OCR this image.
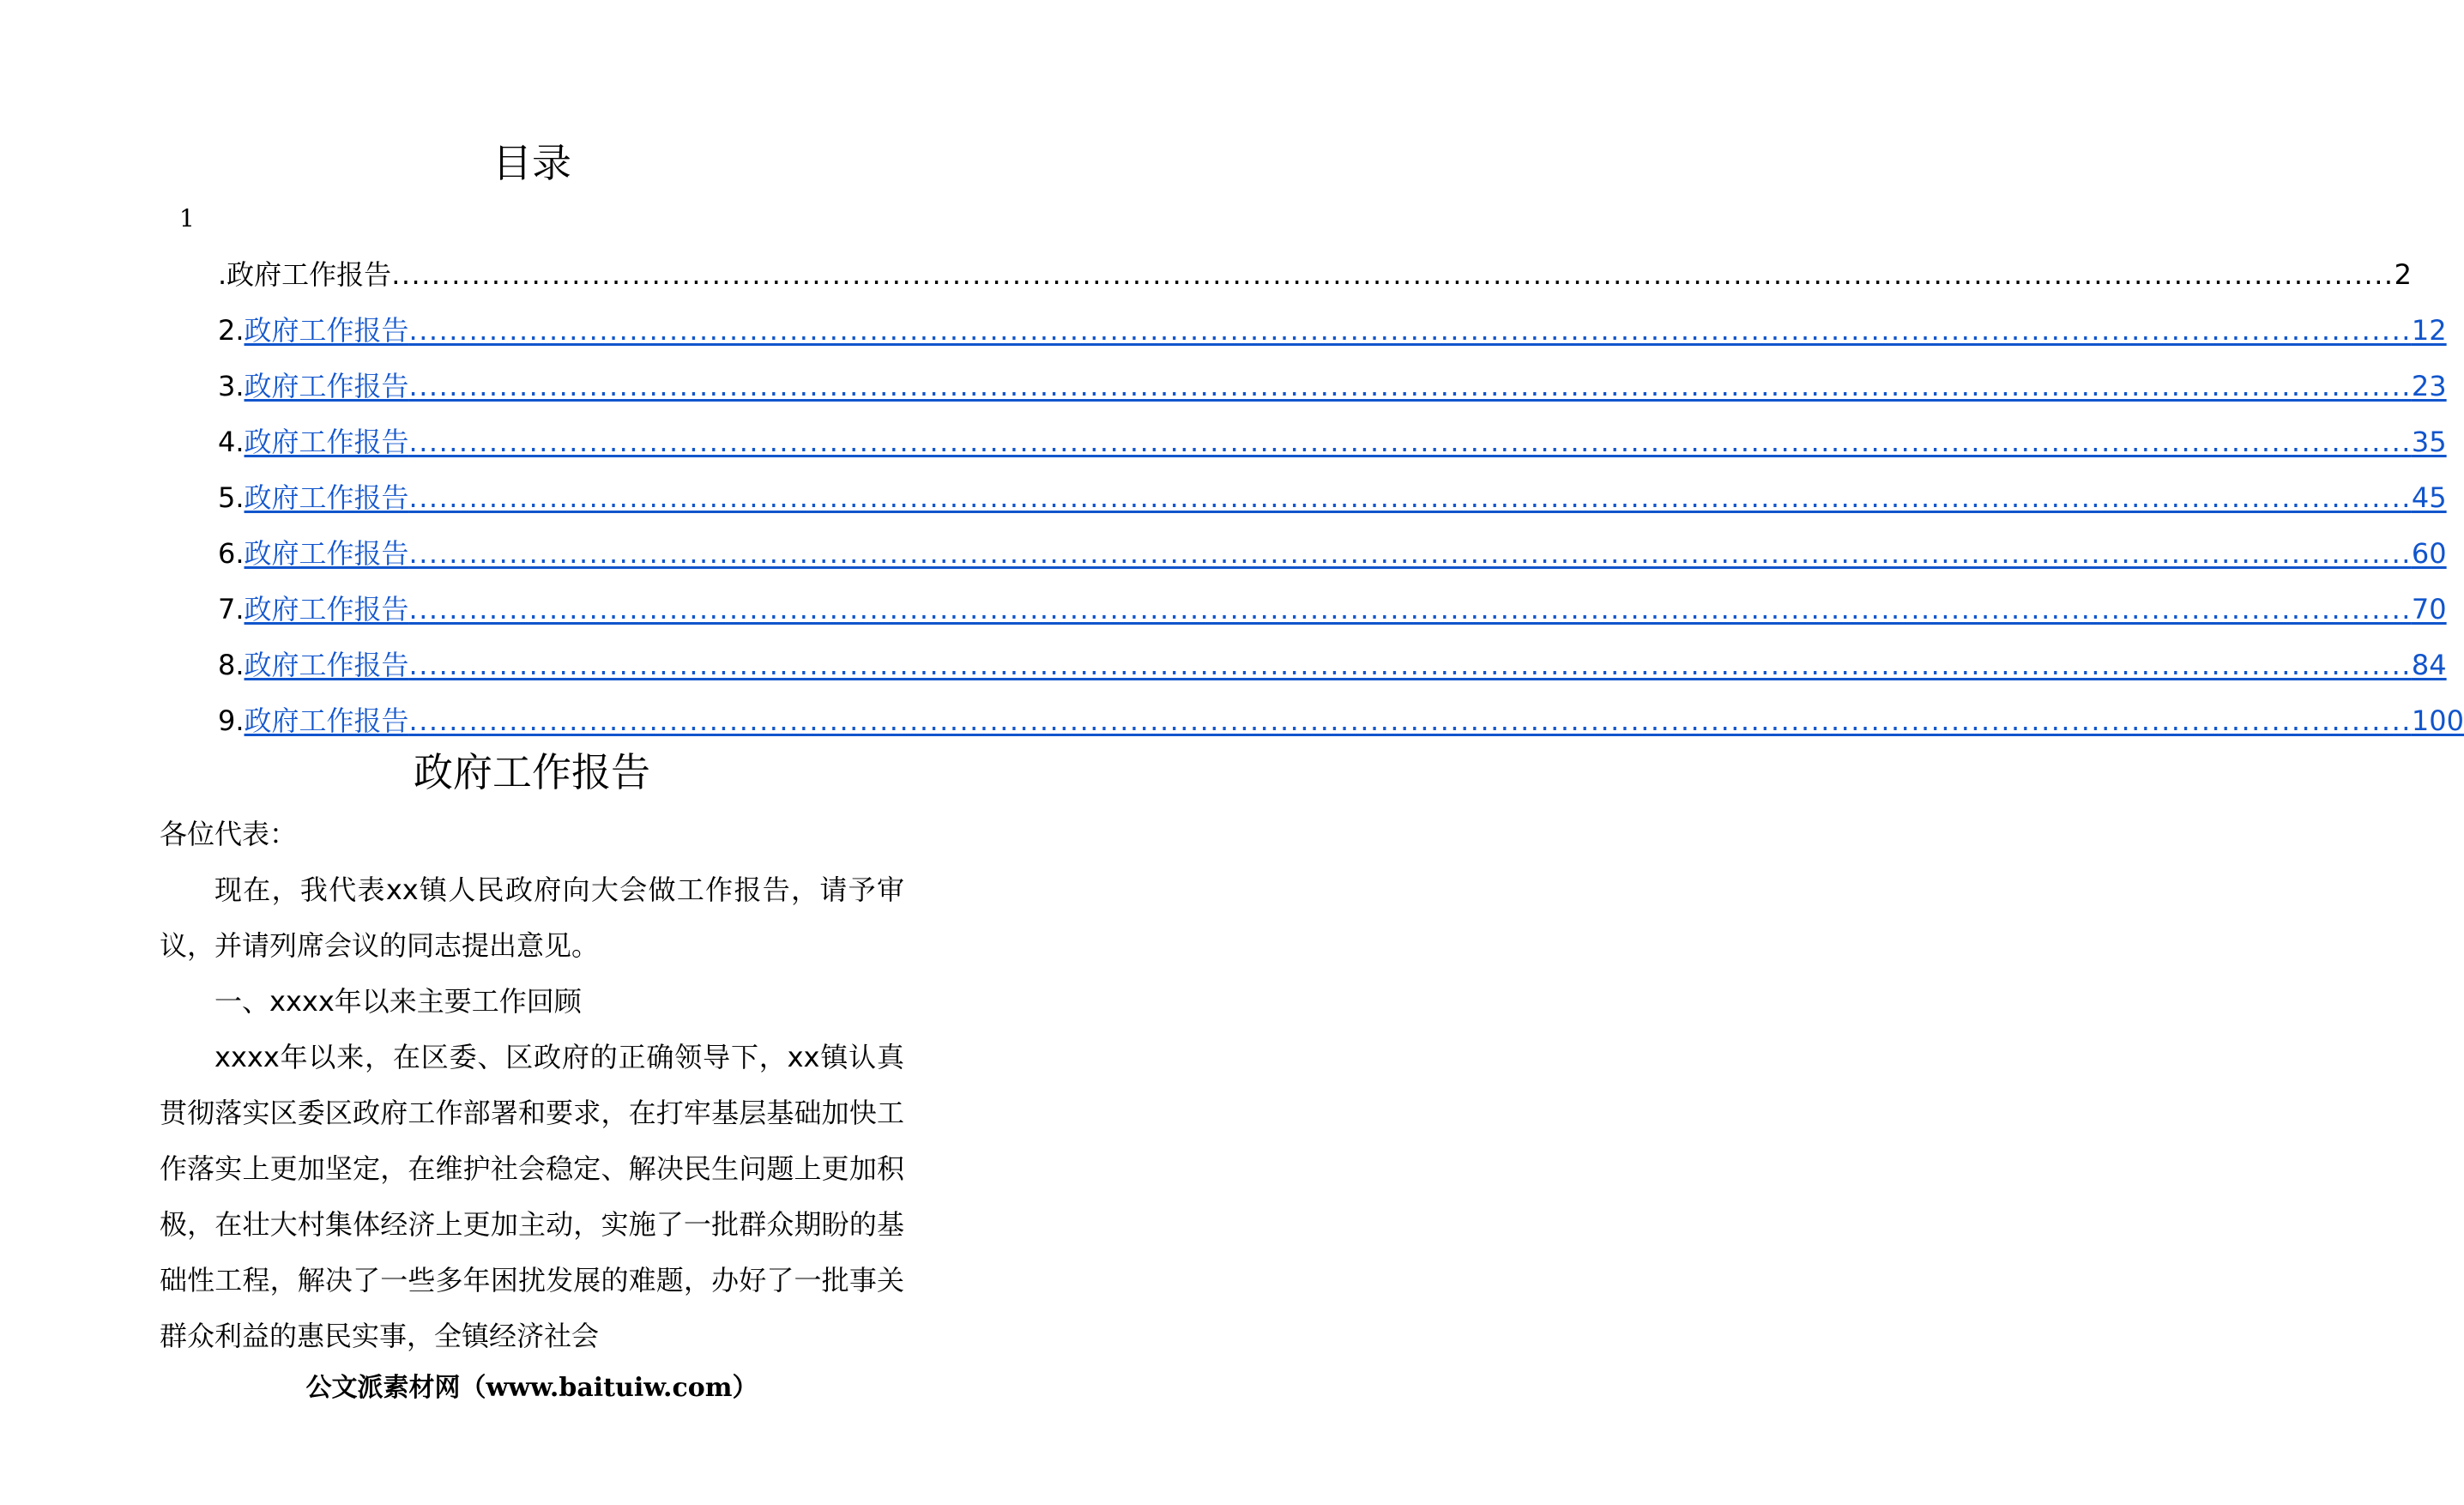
目录
1
.政府工作报告 ........................................................................................................................................................................................................ 2
2. 政府工作报告 ........................................................................................................................................................................................................ 12
3. 政府工作报告 ........................................................................................................................................................................................................ 23
4. 政府工作报告 ........................................................................................................................................................................................................ 35
5. 政府工作报告 ........................................................................................................................................................................................................ 45
6. 政府工作报告 ........................................................................................................................................................................................................ 60
7. 政府工作报告 ........................................................................................................................................................................................................ 70
8. 政府工作报告 ........................................................................................................................................................................................................ 84
9. 政府工作报告 ........................................................................................................................................................................................................ 100
政府工作报告

各位代表：

现在，我代表xx镇人民政府向大会做工作报告，请予审议，并请列席会议的同志提出意见。

一、xxxx年以来主要工作回顾

xxxx年以来，在区委、区政府的正确领导下，xx镇认真贯彻落实区委区政府工作部署和要求，在打牢基层基础加快工作落实上更加坚定，在维护社会稳定、解决民生问题上更加积极，在壮大村集体经济上更加主动，实施了一批群众期盼的基础性工程，解决了一些多年困扰发展的难题，办好了一批事关群众利益的惠民实事，全镇经济社会

公文派素材网（www.baituiw.com）
